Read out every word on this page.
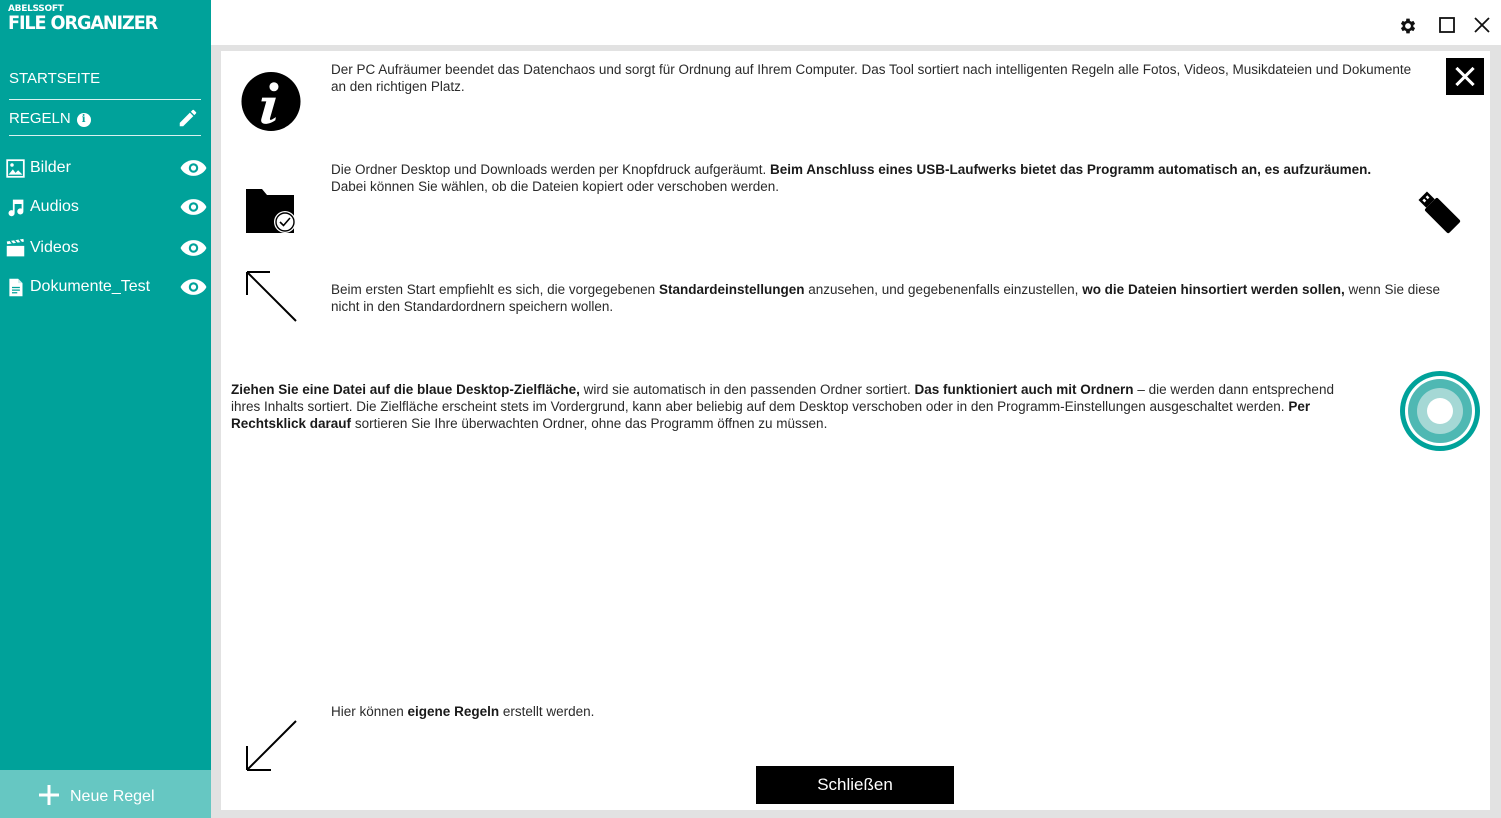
ABELSSOFT
FILE ORGANIZER
STARTSEITE
REGELN i
Bilder
Audios
Videos
Dokumente_Test
Neue Regel
Der PC Aufräumer beendet das Datenchaos und sorgt für Ordnung auf Ihrem Computer. Das Tool sortiert nach intelligenten Regeln alle Fotos, Videos, Musikdateien und Dokumente an den richtigen Platz.
Die Ordner Desktop und Downloads werden per Knopfdruck aufgeräumt. Beim Anschluss eines USB-Laufwerks bietet das Programm automatisch an, es aufzuräumen.
Dabei können Sie wählen, ob die Dateien kopiert oder verschoben werden.
Beim ersten Start empfiehlt es sich, die vorgegebenen Standardeinstellungen anzusehen, und gegebenenfalls einzustellen, wo die Dateien hinsortiert werden sollen, wenn Sie diese nicht in den Standardordnern speichern wollen.
Ziehen Sie eine Datei auf die blaue Desktop-Zielfläche, wird sie automatisch in den passenden Ordner sortiert. Das funktioniert auch mit Ordnern – die werden dann entsprechend ihres Inhalts sortiert. Die Zielfläche erscheint stets im Vordergrund, kann aber beliebig auf dem Desktop verschoben oder in den Programm-Einstellungen ausgeschaltet werden. Per Rechtsklick darauf sortieren Sie Ihre überwachten Ordner, ohne das Programm öffnen zu müssen.
Hier können eigene Regeln erstellt werden.
Schließen
